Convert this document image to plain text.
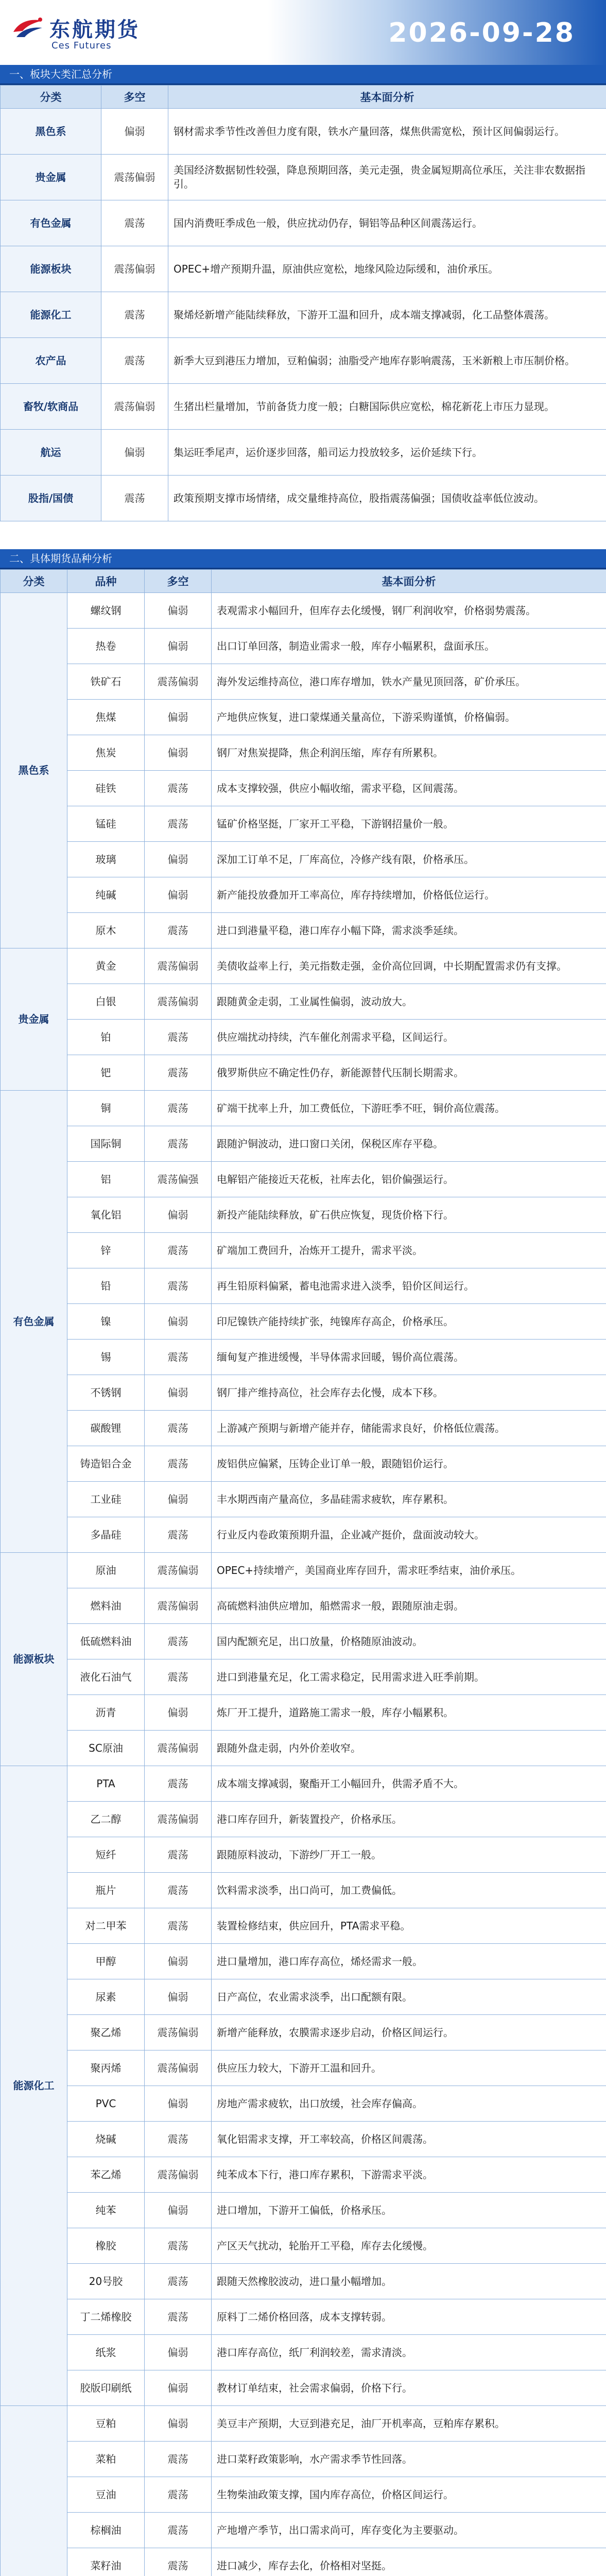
东航期货
Ces Futures	2026-09-28
一、板块大类汇总分析
分类	多空	基本面分析
黑色系	偏弱	钢材需求季节性改善但力度有限，铁水产量回落，煤焦供需宽松，预计区间偏弱运行。
贵金属	震荡偏弱	美国经济数据韧性较强，降息预期回落，美元走强，贵金属短期高位承压，关注非农数据指引。
有色金属	震荡	国内消费旺季成色一般，供应扰动仍存，铜铝等品种区间震荡运行。
能源板块	震荡偏弱	OPEC+增产预期升温，原油供应宽松，地缘风险边际缓和，油价承压。
能源化工	震荡	聚烯烃新增产能陆续释放，下游开工温和回升，成本端支撑减弱，化工品整体震荡。
农产品	震荡	新季大豆到港压力增加，豆粕偏弱；油脂受产地库存影响震荡，玉米新粮上市压制价格。
畜牧/软商品	震荡偏弱	生猪出栏量增加，节前备货力度一般；白糖国际供应宽松，棉花新花上市压力显现。
航运	偏弱	集运旺季尾声，运价逐步回落，船司运力投放较多，运价延续下行。
股指/国债	震荡	政策预期支撑市场情绪，成交量维持高位，股指震荡偏强；国债收益率低位波动。
二、具体期货品种分析
分类	品种	多空	基本面分析
黑色系	螺纹钢	偏弱	表观需求小幅回升，但库存去化缓慢，钢厂利润收窄，价格弱势震荡。
	热卷	偏弱	出口订单回落，制造业需求一般，库存小幅累积，盘面承压。
	铁矿石	震荡偏弱	海外发运维持高位，港口库存增加，铁水产量见顶回落，矿价承压。
	焦煤	偏弱	产地供应恢复，进口蒙煤通关量高位，下游采购谨慎，价格偏弱。
	焦炭	偏弱	钢厂对焦炭提降，焦企利润压缩，库存有所累积。
	硅铁	震荡	成本支撑较强，供应小幅收缩，需求平稳，区间震荡。
	锰硅	震荡	锰矿价格坚挺，厂家开工平稳，下游钢招量价一般。
	玻璃	偏弱	深加工订单不足，厂库高位，冷修产线有限，价格承压。
	纯碱	偏弱	新产能投放叠加开工率高位，库存持续增加，价格低位运行。
	原木	震荡	进口到港量平稳，港口库存小幅下降，需求淡季延续。
贵金属	黄金	震荡偏弱	美债收益率上行，美元指数走强，金价高位回调，中长期配置需求仍有支撑。
	白银	震荡偏弱	跟随黄金走弱，工业属性偏弱，波动放大。
	铂	震荡	供应端扰动持续，汽车催化剂需求平稳，区间运行。
	钯	震荡	俄罗斯供应不确定性仍存，新能源替代压制长期需求。
有色金属	铜	震荡	矿端干扰率上升，加工费低位，下游旺季不旺，铜价高位震荡。
	国际铜	震荡	跟随沪铜波动，进口窗口关闭，保税区库存平稳。
	铝	震荡偏强	电解铝产能接近天花板，社库去化，铝价偏强运行。
	氧化铝	偏弱	新投产能陆续释放，矿石供应恢复，现货价格下行。
	锌	震荡	矿端加工费回升，冶炼开工提升，需求平淡。
	铅	震荡	再生铅原料偏紧，蓄电池需求进入淡季，铅价区间运行。
	镍	偏弱	印尼镍铁产能持续扩张，纯镍库存高企，价格承压。
	锡	震荡	缅甸复产推进缓慢，半导体需求回暖，锡价高位震荡。
	不锈钢	偏弱	钢厂排产维持高位，社会库存去化慢，成本下移。
	碳酸锂	震荡	上游减产预期与新增产能并存，储能需求良好，价格低位震荡。
	铸造铝合金	震荡	废铝供应偏紧，压铸企业订单一般，跟随铝价运行。
	工业硅	偏弱	丰水期西南产量高位，多晶硅需求疲软，库存累积。
	多晶硅	震荡	行业反内卷政策预期升温，企业减产挺价，盘面波动较大。
能源板块	原油	震荡偏弱	OPEC+持续增产，美国商业库存回升，需求旺季结束，油价承压。
	燃料油	震荡偏弱	高硫燃料油供应增加，船燃需求一般，跟随原油走弱。
	低硫燃料油	震荡	国内配额充足，出口放量，价格随原油波动。
	液化石油气	震荡	进口到港量充足，化工需求稳定，民用需求进入旺季前期。
	沥青	偏弱	炼厂开工提升，道路施工需求一般，库存小幅累积。
	SC原油	震荡偏弱	跟随外盘走弱，内外价差收窄。
能源化工	PTA	震荡	成本端支撑减弱，聚酯开工小幅回升，供需矛盾不大。
	乙二醇	震荡偏弱	港口库存回升，新装置投产，价格承压。
	短纤	震荡	跟随原料波动，下游纱厂开工一般。
	瓶片	震荡	饮料需求淡季，出口尚可，加工费偏低。
	对二甲苯	震荡	装置检修结束，供应回升，PTA需求平稳。
	甲醇	偏弱	进口量增加，港口库存高位，烯烃需求一般。
	尿素	偏弱	日产高位，农业需求淡季，出口配额有限。
	聚乙烯	震荡偏弱	新增产能释放，农膜需求逐步启动，价格区间运行。
	聚丙烯	震荡偏弱	供应压力较大，下游开工温和回升。
	PVC	偏弱	房地产需求疲软，出口放缓，社会库存偏高。
	烧碱	震荡	氧化铝需求支撑，开工率较高，价格区间震荡。
	苯乙烯	震荡偏弱	纯苯成本下行，港口库存累积，下游需求平淡。
	纯苯	偏弱	进口增加，下游开工偏低，价格承压。
	橡胶	震荡	产区天气扰动，轮胎开工平稳，库存去化缓慢。
	20号胶	震荡	跟随天然橡胶波动，进口量小幅增加。
	丁二烯橡胶	震荡	原料丁二烯价格回落，成本支撑转弱。
	纸浆	偏弱	港口库存高位，纸厂利润较差，需求清淡。
	胶版印刷纸	偏弱	教材订单结束，社会需求偏弱，价格下行。
	豆粕	偏弱	美豆丰产预期，大豆到港充足，油厂开机率高，豆粕库存累积。
	菜粕	震荡	进口菜籽政策影响，水产需求季节性回落。
	豆油	震荡	生物柴油政策支撑，国内库存高位，价格区间运行。
	棕榈油	震荡	产地增产季节，出口需求尚可，库存变化为主要驱动。
	菜籽油	震荡	进口减少，库存去化，价格相对坚挺。
